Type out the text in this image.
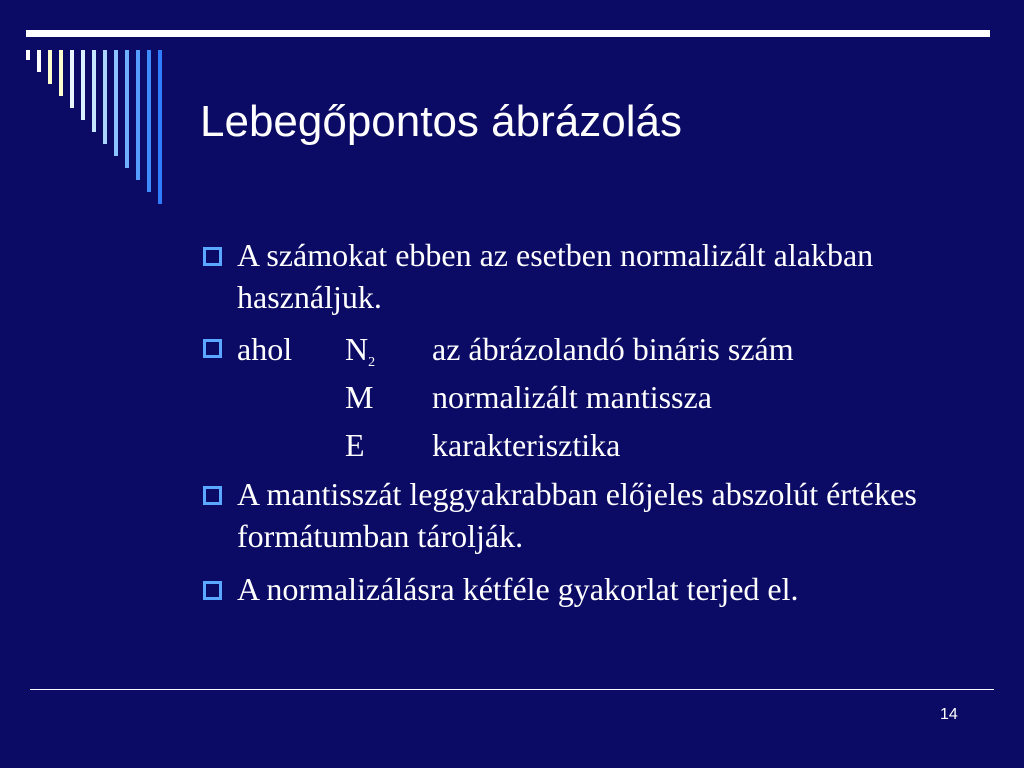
Lebegőpontos ábrázolás
A számokat ebben az esetben normalizált alakban használjuk.
ahol $N_2$ az ábrázolandó bináris szám
M normalizált mantissza
E karakterisztika
A mantisszát leggyakrabban előjeles abszolút értékes formátumban tárolják.
A normalizálásra kétféle gyakorlat terjed el.
14
